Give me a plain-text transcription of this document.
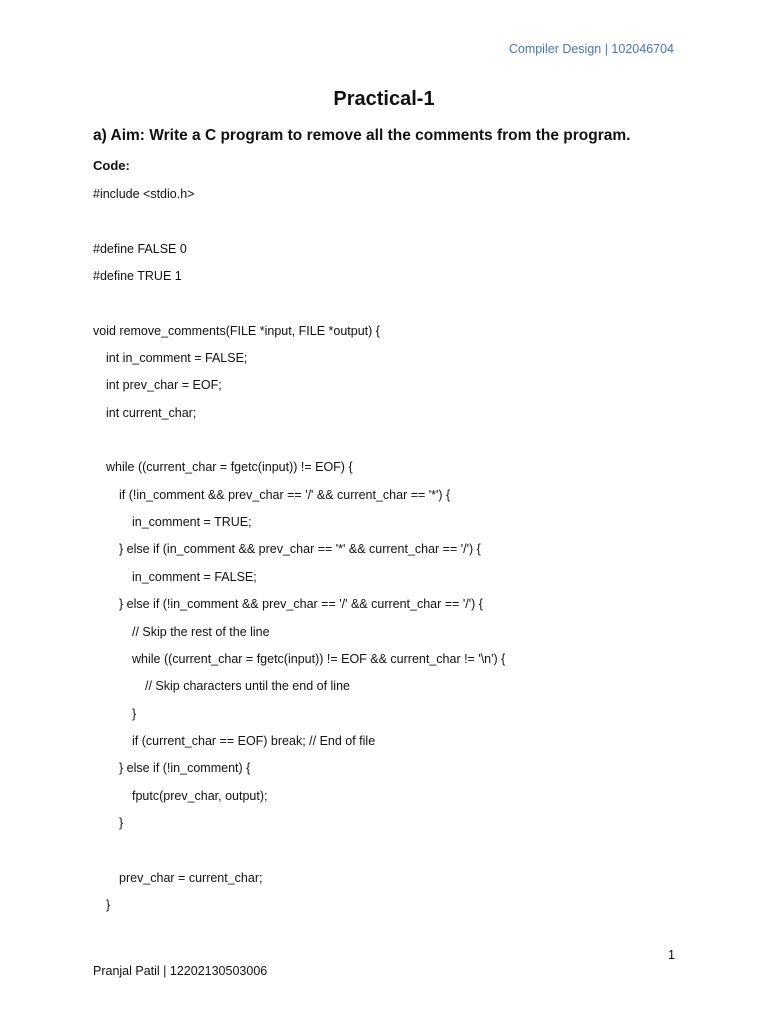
Compiler Design | 102046704
Practical-1
a) Aim: Write a C program to remove all the comments from the program.
Code:
#include <stdio.h>
#define FALSE 0
#define TRUE 1
void remove_comments(FILE *input, FILE *output) {
int in_comment = FALSE;
int prev_char = EOF;
int current_char;
while ((current_char = fgetc(input)) != EOF) {
if (!in_comment && prev_char == '/' && current_char == '*') {
in_comment = TRUE;
} else if (in_comment && prev_char == '*' && current_char == '/') {
in_comment = FALSE;
} else if (!in_comment && prev_char == '/' && current_char == '/') {
// Skip the rest of the line
while ((current_char = fgetc(input)) != EOF && current_char != '\n') {
// Skip characters until the end of line
}
if (current_char == EOF) break; // End of file
} else if (!in_comment) {
fputc(prev_char, output);
}
prev_char = current_char;
}
1
Pranjal Patil | 12202130503006
